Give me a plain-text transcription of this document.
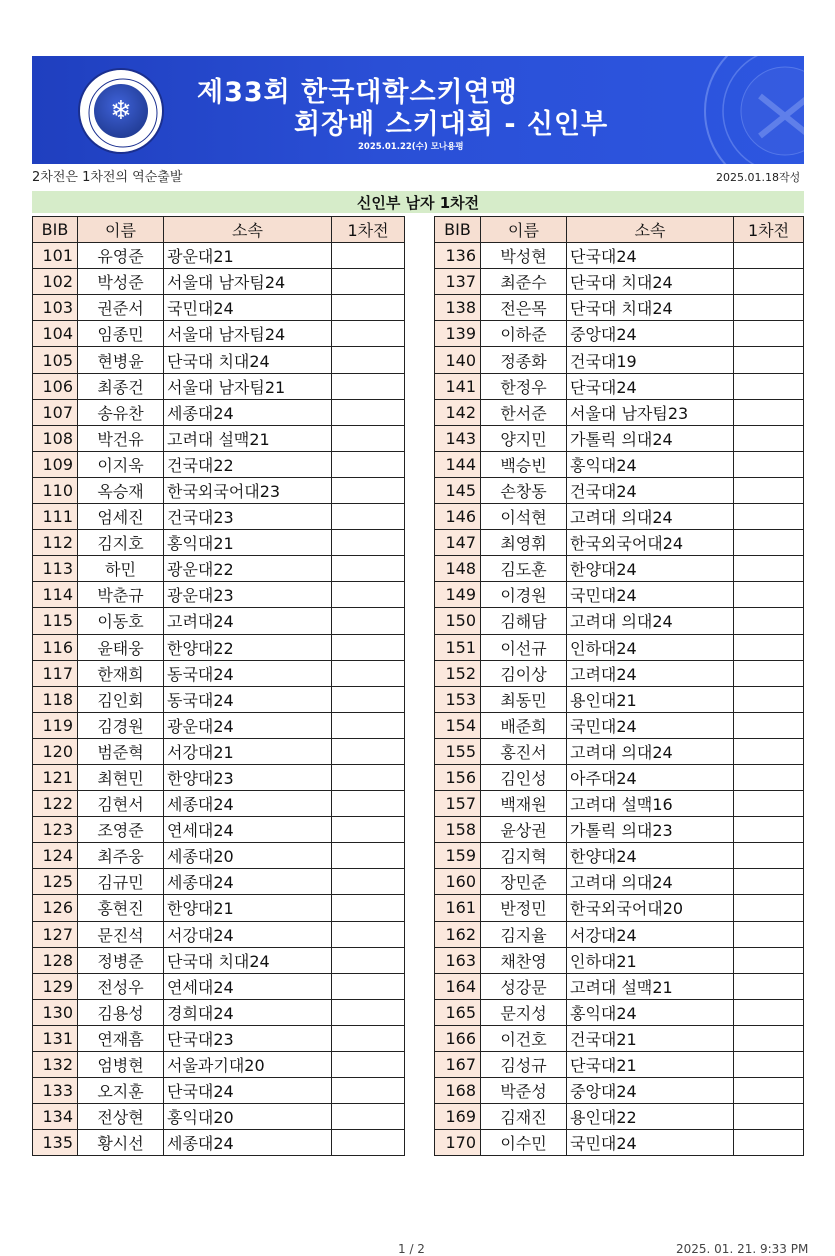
❄
제33회 한국대학스키연맹
회장배 스키대회 - 신인부
2025.01.22(수) 모나용평
2차전은 1차전의 역순출발	2025.01.18작성
신인부 남자 1차전
BIB	이름	소속	1차전
101	유영준	광운대21	
102	박성준	서울대 남자팀24	
103	권준서	국민대24	
104	임종민	서울대 남자팀24	
105	현병윤	단국대 치대24	
106	최종건	서울대 남자팀21	
107	송유찬	세종대24	
108	박건유	고려대 설맥21	
109	이지욱	건국대22	
110	옥승재	한국외국어대23	
111	엄세진	건국대23	
112	김지호	홍익대21	
113	하민	광운대22	
114	박춘규	광운대23	
115	이동호	고려대24	
116	윤태웅	한양대22	
117	한재희	동국대24	
118	김인회	동국대24	
119	김경원	광운대24	
120	범준혁	서강대21	
121	최현민	한양대23	
122	김현서	세종대24	
123	조영준	연세대24	
124	최주웅	세종대20	
125	김규민	세종대24	
126	홍현진	한양대21	
127	문진석	서강대24	
128	정병준	단국대 치대24	
129	전성우	연세대24	
130	김용성	경희대24	
131	연재흠	단국대23	
132	엄병현	서울과기대20	
133	오지훈	단국대24	
134	전상현	홍익대20	
135	황시선	세종대24	
BIB	이름	소속	1차전
136	박성현	단국대24	
137	최준수	단국대 치대24	
138	전은목	단국대 치대24	
139	이하준	중앙대24	
140	정종화	건국대19	
141	한정우	단국대24	
142	한서준	서울대 남자팀23	
143	양지민	가톨릭 의대24	
144	백승빈	홍익대24	
145	손창동	건국대24	
146	이석현	고려대 의대24	
147	최영휘	한국외국어대24	
148	김도훈	한양대24	
149	이경원	국민대24	
150	김해담	고려대 의대24	
151	이선규	인하대24	
152	김이상	고려대24	
153	최동민	용인대21	
154	배준희	국민대24	
155	홍진서	고려대 의대24	
156	김인성	아주대24	
157	백재원	고려대 설맥16	
158	윤상권	가톨릭 의대23	
159	김지혁	한양대24	
160	장민준	고려대 의대24	
161	반정민	한국외국어대20	
162	김지율	서강대24	
163	채찬영	인하대21	
164	성강문	고려대 설맥21	
165	문지성	홍익대24	
166	이건호	건국대21	
167	김성규	단국대21	
168	박준성	중앙대24	
169	김재진	용인대22	
170	이수민	국민대24	
1 / 2	2025. 01. 21. 9:33 PM
